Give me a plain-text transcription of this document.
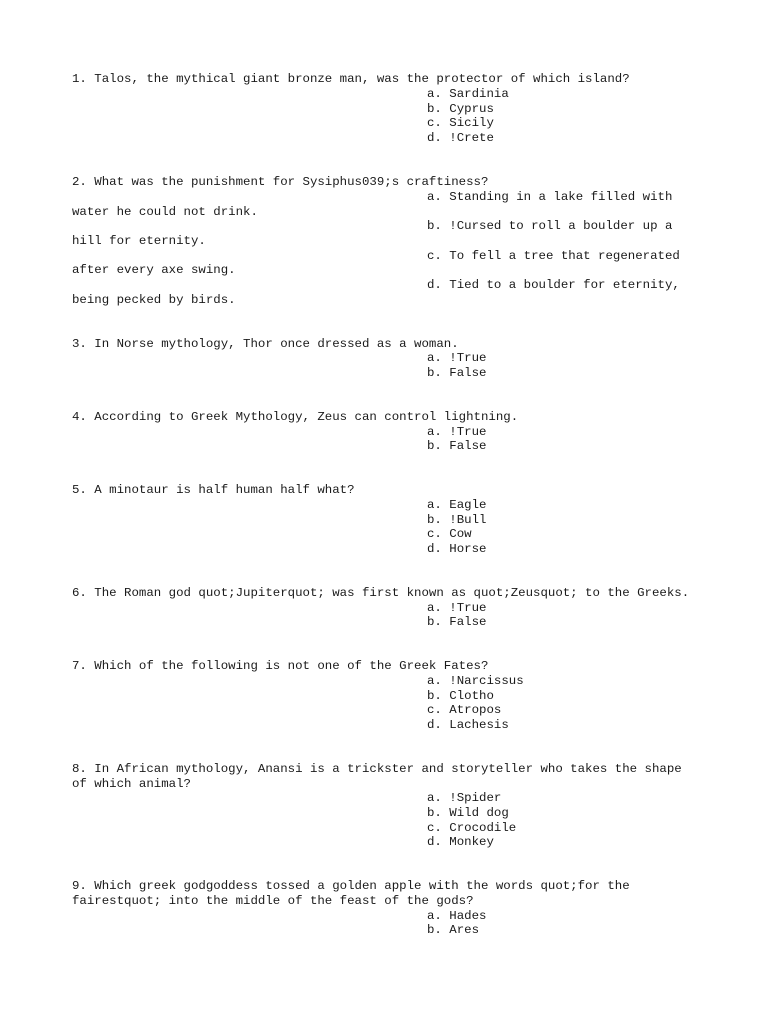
1. Talos, the mythical giant bronze man, was the protector of which island?
a. Sardinia
b. Cyprus
c. Sicily
d. !Crete
2. What was the punishment for Sysiphus039;s craftiness?
a. Standing in a lake filled with
water he could not drink.
b. !Cursed to roll a boulder up a
hill for eternity.
c. To fell a tree that regenerated
after every axe swing.
d. Tied to a boulder for eternity,
being pecked by birds.
3. In Norse mythology, Thor once dressed as a woman.
a. !True
b. False
4. According to Greek Mythology, Zeus can control lightning.
a. !True
b. False
5. A minotaur is half human half what?
a. Eagle
b. !Bull
c. Cow
d. Horse
6. The Roman god quot;Jupiterquot; was first known as quot;Zeusquot; to the Greeks.
a. !True
b. False
7. Which of the following is not one of the Greek Fates?
a. !Narcissus
b. Clotho
c. Atropos
d. Lachesis
8. In African mythology, Anansi is a trickster and storyteller who takes the shape
of which animal?
a. !Spider
b. Wild dog
c. Crocodile
d. Monkey
9. Which greek godgoddess tossed a golden apple with the words quot;for the
fairestquot; into the middle of the feast of the gods?
a. Hades
b. Ares
